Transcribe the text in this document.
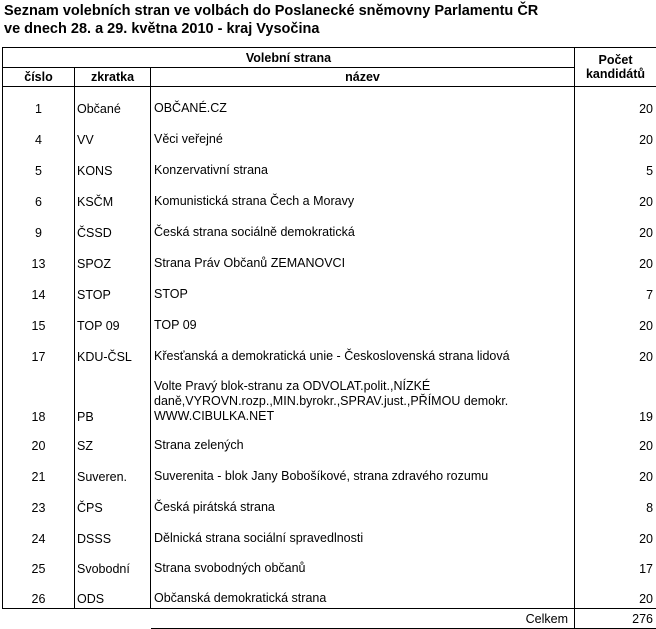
Seznam volebních stran ve volbách do Poslanecké sněmovny Parlamentu ČR
ve dnech 28. a 29. května 2010 - kraj Vysočina
Volební strana			Počet
kandidátů

číslo	zkratka	název	
1	Občané	OBČANÉ.CZ	20
4	VV	Věci veřejné	20
5	KONS	Konzervativní strana	5
6	KSČM	Komunistická strana Čech a Moravy	20
9	ČSSD	Česká strana sociálně demokratická	20
13	SPOZ	Strana Práv Občanů ZEMANOVCI	20
14	STOP	STOP	7
15	TOP 09	TOP 09	20
17	KDU-ČSL	Křesťanská a demokratická unie - Československá strana lidová	20
18	PB	Volte Pravý blok-stranu za ODVOLAT.polit.,NÍZKÉ
daně,VYROVN.rozp.,MIN.byrokr.,SPRAV.just.,PŘÍMOU demokr.
WWW.CIBULKA.NET	19
20	SZ	Strana zelených	20
21	Suveren.	Suverenita - blok Jany Bobošíkové, strana zdravého rozumu	20
23	ČPS	Česká pirátská strana	8
24	DSSS	Dělnická strana sociální spravedlnosti	20
25	Svobodní	Strana svobodných občanů	17
26	ODS	Občanská demokratická strana	20
		Celkem	276
